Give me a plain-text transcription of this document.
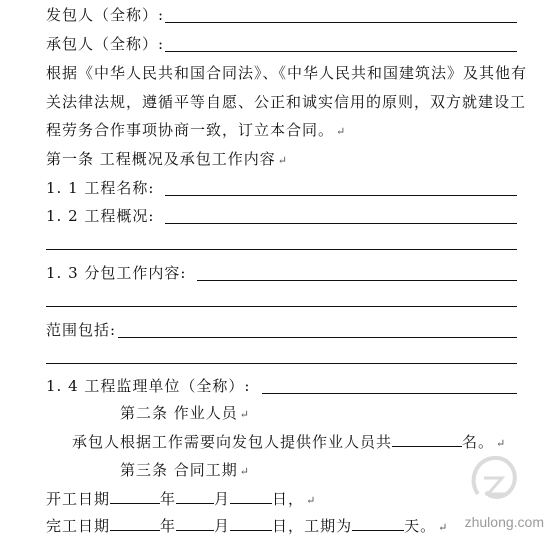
发包人（全称）:
承包人（全称）:
根据《中华人民共和国合同法》、《中华人民共和国建筑法》及其他有
关法律法规，遵循平等自愿、公正和诚实信用的原则，双方就建设工
程劳务合作事项协商一致，订立本合同。 ↵
第一条 工程概况及承包工作内容 ↵
1. 1 工程名称:
1. 2 工程概况:
1. 3 分包工作内容:
范围包括:
1. 4 工程监理单位（全称）:
第二条 作业人员 ↵
承包人根据工作需要向发包人提供作业人员共	名。 ↵
第三条 合同工期 ↵
开工日期	年	月	日， ↵
完工日期	年	月	日，工期为	天。 ↵ zhulong.com
